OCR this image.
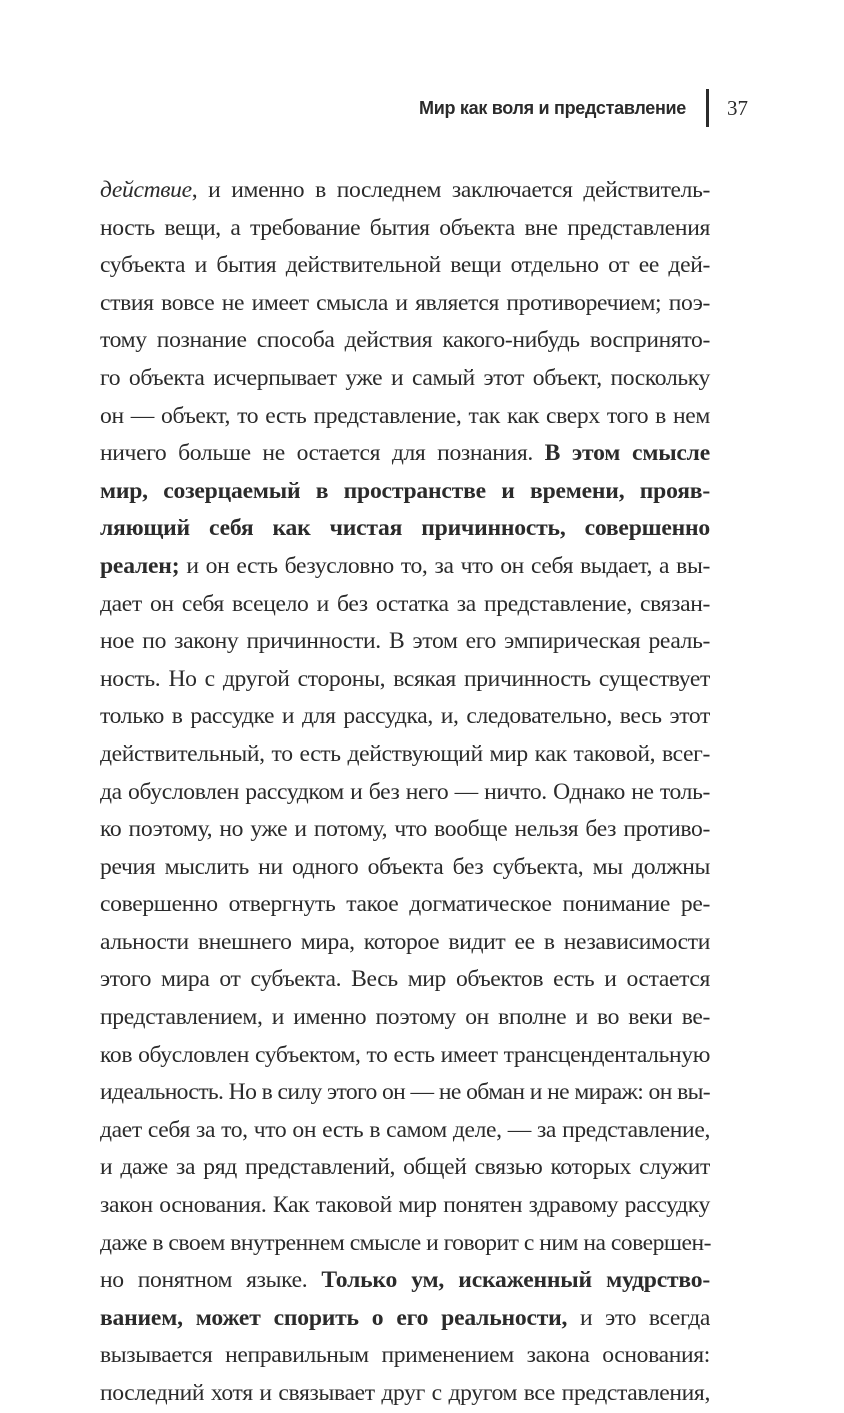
Мир как воля и представление 37
действие, и именно в последнем заключается действитель-
ность вещи, а требование бытия объекта вне представления
субъекта и бытия действительной вещи отдельно от ее дей-
ствия вовсе не имеет смысла и является противоречием; поэ-
тому познание способа действия какого-нибудь воспринято-
го объекта исчерпывает уже и самый этот объект, поскольку
он — объект, то есть представление, так как сверх того в нем
ничего больше не остается для познания. В этом смысле
мир, созерцаемый в пространстве и времени, прояв-
ляющий себя как чистая причинность, совершенно
реален; и он есть безусловно то, за что он себя выдает, а вы-
дает он себя всецело и без остатка за представление, связан-
ное по закону причинности. В этом его эмпирическая реаль-
ность. Но с другой стороны, всякая причинность существует
только в рассудке и для рассудка, и, следовательно, весь этот
действительный, то есть действующий мир как таковой, всег-
да обусловлен рассудком и без него — ничто. Однако не толь-
ко поэтому, но уже и потому, что вообще нельзя без противо-
речия мыслить ни одного объекта без субъекта, мы должны
совершенно отвергнуть такое догматическое понимание ре-
альности внешнего мира, которое видит ее в независимости
этого мира от субъекта. Весь мир объектов есть и остается
представлением, и именно поэтому он вполне и во веки ве-
ков обусловлен субъектом, то есть имеет трансцендентальную
идеальность. Но в силу этого он — не обман и не мираж: он вы-
дает себя за то, что он есть в самом деле, — за представление,
и даже за ряд представлений, общей связью которых служит
закон основания. Как таковой мир понятен здравому рассудку
даже в своем внутреннем смысле и говорит с ним на совершен-
но понятном языке. Только ум, искаженный мудрство-
ванием, может спорить о его реальности, и это всегда
вызывается неправильным применением закона основания:
последний хотя и связывает друг с другом все представления,
